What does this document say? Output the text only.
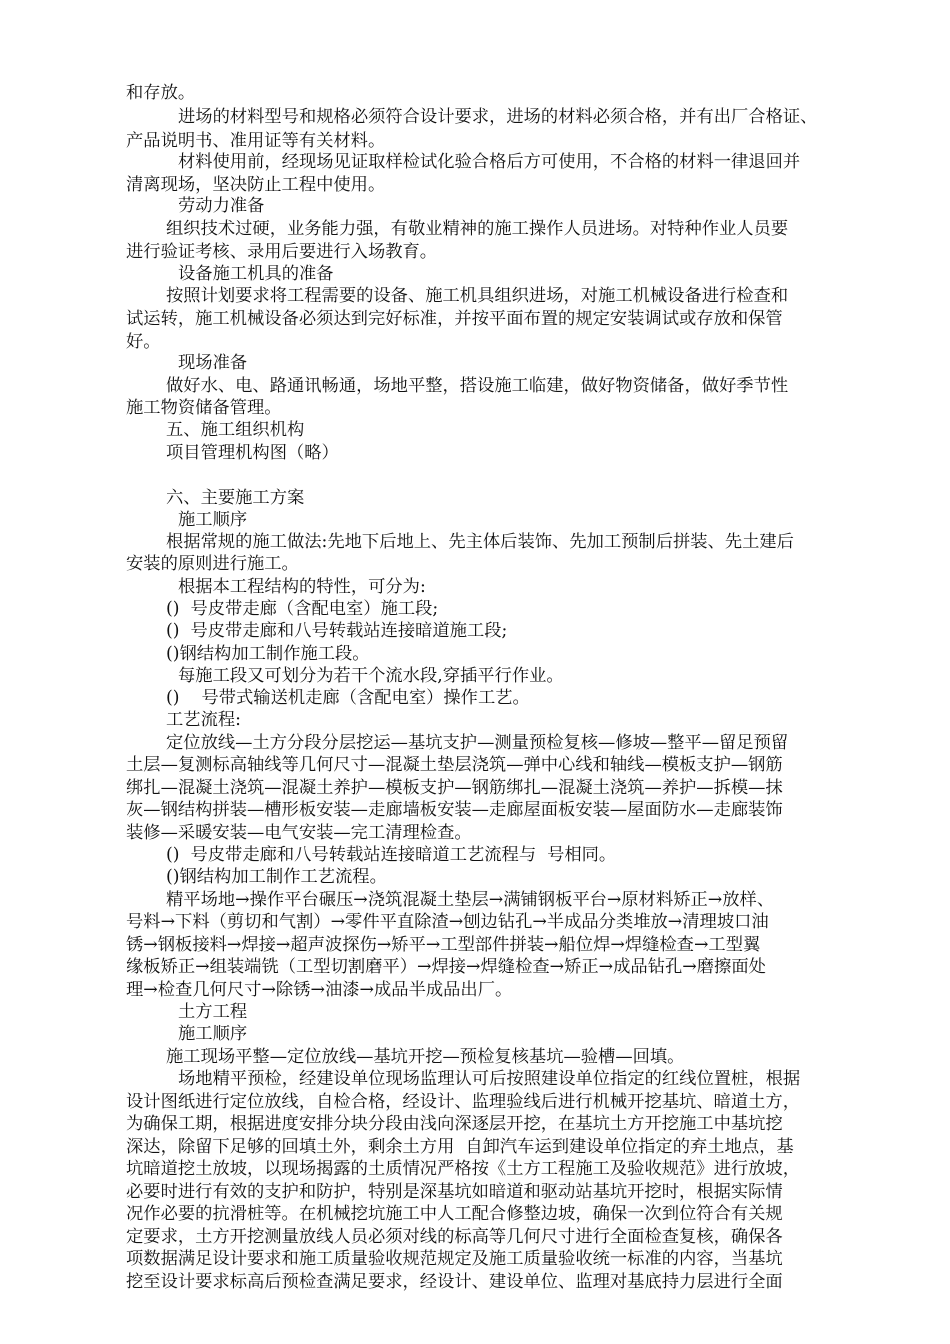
和存放。
进场的材料型号和规格必须符合设计要求，进场的材料必须合格，并有出厂合格证、
产品说明书、准用证等有关材料。
材料使用前，经现场见证取样检试化验合格后方可使用，不合格的材料一律退回并
清离现场，坚决防止工程中使用。
劳动力准备
组织技术过硬，业务能力强，有敬业精神的施工操作人员进场。对特种作业人员要
进行验证考核、录用后要进行入场教育。
设备施工机具的准备
按照计划要求将工程需要的设备、施工机具组织进场，对施工机械设备进行检查和
试运转，施工机械设备必须达到完好标准，并按平面布置的规定安装调试或存放和保管
好。
现场准备
做好水、电、路通讯畅通，场地平整，搭设施工临建，做好物资储备，做好季节性
施工物资储备管理。
五、施工组织机构
项目管理机构图（略）
六、主要施工方案
施工顺序
根据常规的施工做法:先地下后地上、先主体后装饰、先加工预制后拼装、先土建后
安装的原则进行施工。
根据本工程结构的特性，可分为:
()  号皮带走廊（含配电室）施工段;
()  号皮带走廊和八号转载站连接暗道施工段;
()钢结构加工制作施工段。
每施工段又可划分为若干个流水段,穿插平行作业。
()    号带式输送机走廊（含配电室）操作工艺。
工艺流程:
定位放线—土方分段分层挖运—基坑支护—测量预检复核—修坡—整平—留足预留
土层—复测标高轴线等几何尺寸—混凝土垫层浇筑—弹中心线和轴线—模板支护—钢筋
绑扎—混凝土浇筑—混凝土养护—模板支护—钢筋绑扎—混凝土浇筑—养护—拆模—抹
灰—钢结构拼装—槽形板安装—走廊墙板安装—走廊屋面板安装—屋面防水—走廊装饰
装修—采暖安装—电气安装—完工清理检查。
()  号皮带走廊和八号转载站连接暗道工艺流程与  号相同。
()钢结构加工制作工艺流程。
精平场地→操作平台碾压→浇筑混凝土垫层→满铺钢板平台→原材料矫正→放样、
号料→下料（剪切和气割）→零件平直除渣→刨边钻孔→半成品分类堆放→清理坡口油
锈→钢板接料→焊接→超声波探伤→矫平→工型部件拼装→船位焊→焊缝检查→工型翼
缘板矫正→组装端铣（工型切割磨平）→焊接→焊缝检查→矫正→成品钻孔→磨擦面处
理→检查几何尺寸→除锈→油漆→成品半成品出厂。
土方工程
施工顺序
施工现场平整—定位放线—基坑开挖—预检复核基坑—验槽—回填。
场地精平预检，经建设单位现场监理认可后按照建设单位指定的红线位置桩，根据
设计图纸进行定位放线，自检合格，经设计、监理验线后进行机械开挖基坑、暗道土方，
为确保工期，根据进度安排分块分段由浅向深逐层开挖，在基坑土方开挖施工中基坑挖
深达，除留下足够的回填土外，剩余土方用  自卸汽车运到建设单位指定的弃土地点，基
坑暗道挖土放坡，以现场揭露的土质情况严格按《土方工程施工及验收规范》进行放坡，
必要时进行有效的支护和防护，特别是深基坑如暗道和驱动站基坑开挖时，根据实际情
况作必要的抗滑桩等。在机械挖坑施工中人工配合修整边坡，确保一次到位符合有关规
定要求，土方开挖测量放线人员必须对线的标高等几何尺寸进行全面检查复核，确保各
项数据满足设计要求和施工质量验收规范规定及施工质量验收统一标准的内容，当基坑
挖至设计要求标高后预检查满足要求，经设计、建设单位、监理对基底持力层进行全面
